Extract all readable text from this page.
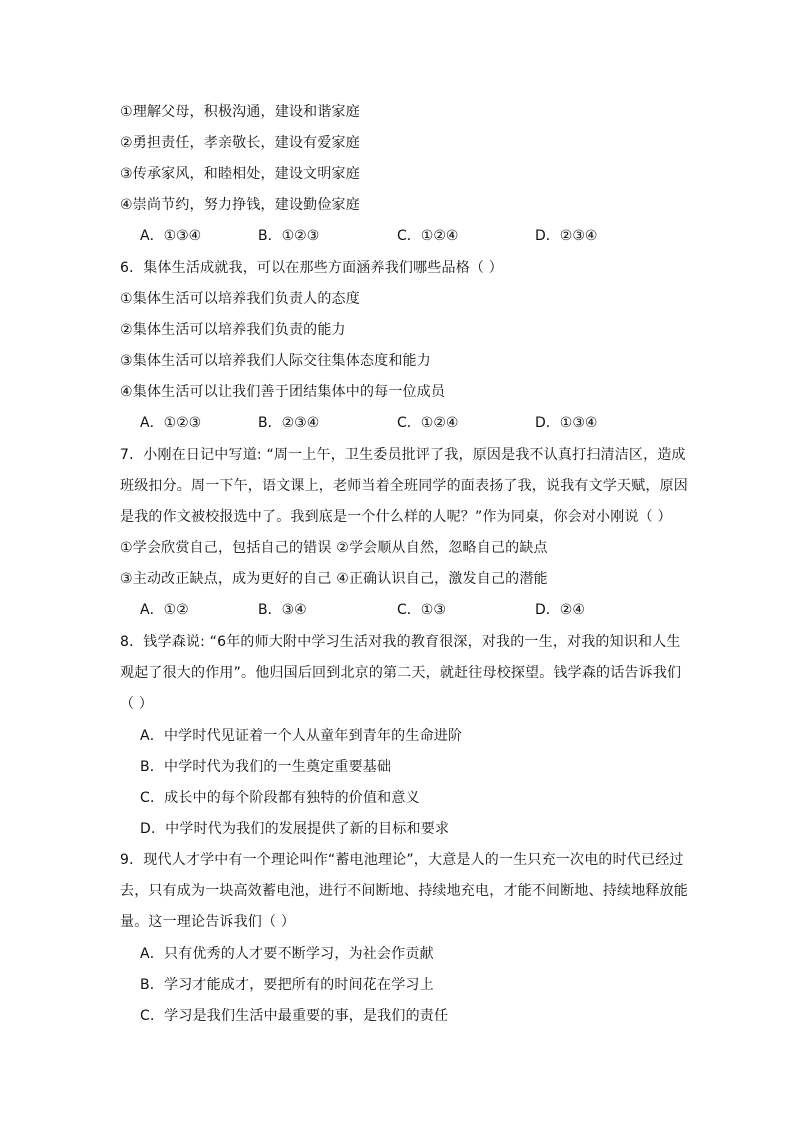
①理解父母，积极沟通，建设和谐家庭
②勇担责任，孝亲敬长，建设有爱家庭
③传承家风，和睦相处，建设文明家庭
④崇尚节约，努力挣钱，建设勤俭家庭
A．①③④	B．①②③	C．①②④	D．②③④
6．集体生活成就我，可以在那些方面涵养我们哪些品格（ ）
①集体生活可以培养我们负责人的态度
②集体生活可以培养我们负责的能力
③集体生活可以培养我们人际交往集体态度和能力
④集体生活可以让我们善于团结集体中的每一位成员
A．①②③	B．②③④	C．①②④	D．①③④
7．小刚在日记中写道: “周一上午，卫生委员批评了我，原因是我不认真打扫清洁区，造成
班级扣分。周一下午，语文课上，老师当着全班同学的面表扬了我，说我有文学天赋，原因
是我的作文被校报选中了。我到底是一个什么样的人呢？”作为同桌，你会对小刚说（ ）
①学会欣赏自己，包括自己的错误 ②学会顺从自然，忽略自己的缺点
③主动改正缺点，成为更好的自己 ④正确认识自己，激发自己的潜能
A．①②	B．③④	C．①③	D．②④
8．钱学森说: “6年的师大附中学习生活对我的教育很深，对我的一生，对我的知识和人生
观起了很大的作用”。他归国后回到北京的第二天，就赶往母校探望。钱学森的话告诉我们
（ ）
A．中学时代见证着一个人从童年到青年的生命进阶
B．中学时代为我们的一生奠定重要基础
C．成长中的每个阶段都有独特的价值和意义
D．中学时代为我们的发展提供了新的目标和要求
9．现代人才学中有一个理论叫作“蓄电池理论”，大意是人的一生只充一次电的时代已经过
去，只有成为一块高效蓄电池，进行不间断地、持续地充电，才能不间断地、持续地释放能
量。这一理论告诉我们（ ）
A．只有优秀的人才要不断学习，为社会作贡献
B．学习才能成才，要把所有的时间花在学习上
C．学习是我们生活中最重要的事，是我们的责任
